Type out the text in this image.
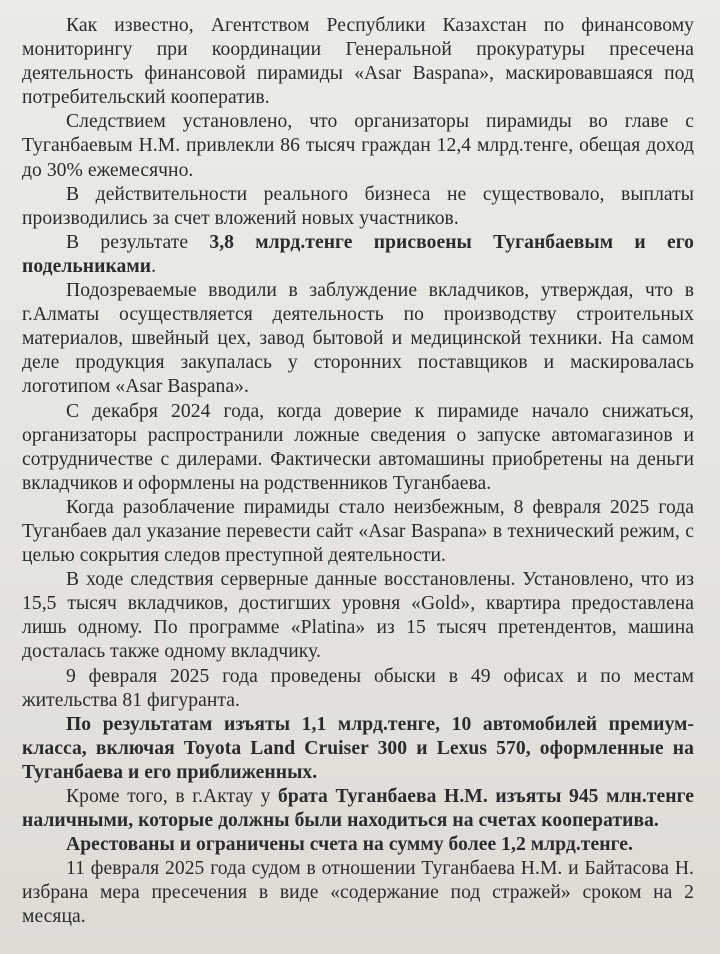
Как известно, Агентством Республики Казахстан по финансовому мониторингу при координации Генеральной прокуратуры пресечена деятельность финансовой пирамиды «Asar Baspana», маскировавшаяся под потребительский кооператив.

Следствием установлено, что организаторы пирамиды во главе с Туганбаевым Н.М. привлекли 86 тысяч граждан 12,4 млрд.тенге, обещая доход до 30% ежемесячно.

В действительности реального бизнеса не существовало, выплаты производились за счет вложений новых участников.

В результате 3,8 млрд.тенге присвоены Туганбаевым и его подельниками.

Подозреваемые вводили в заблуждение вкладчиков, утверждая, что в г.Алматы осуществляется деятельность по производству строительных материалов, швейный цех, завод бытовой и медицинской техники. На самом деле продукция закупалась у сторонних поставщиков и маскировалась логотипом «Asar Baspana».

С декабря 2024 года, когда доверие к пирамиде начало снижаться, организаторы распространили ложные сведения о запуске автомагазинов и сотрудничестве с дилерами. Фактически автомашины приобретены на деньги вкладчиков и оформлены на родственников Туганбаева.

Когда разоблачение пирамиды стало неизбежным, 8 февраля 2025 года Туганбаев дал указание перевести сайт «Asar Baspana» в технический режим, с целью сокрытия следов преступной деятельности.

В ходе следствия серверные данные восстановлены. Установлено, что из 15,5 тысяч вкладчиков, достигших уровня «Gold», квартира предоставлена лишь одному. По программе «Platina» из 15 тысяч претендентов, машина досталась также одному вкладчику.

9 февраля 2025 года проведены обыски в 49 офисах и по местам жительства 81 фигуранта.

По результатам изъяты 1,1 млрд.тенге, 10 автомобилей премиум-класса, включая Toyota Land Cruiser 300 и Lexus 570, оформленные на Туганбаева и его приближенных.

Кроме того, в г.Актау у брата Туганбаева Н.М. изъяты 945 млн.тенге наличными, которые должны были находиться на счетах кооператива.

Арестованы и ограничены счета на сумму более 1,2 млрд.тенге.

11 февраля 2025 года судом в отношении Туганбаева Н.М. и Байтасова Н. избрана мера пресечения в виде «содержание под стражей» сроком на 2 месяца.
